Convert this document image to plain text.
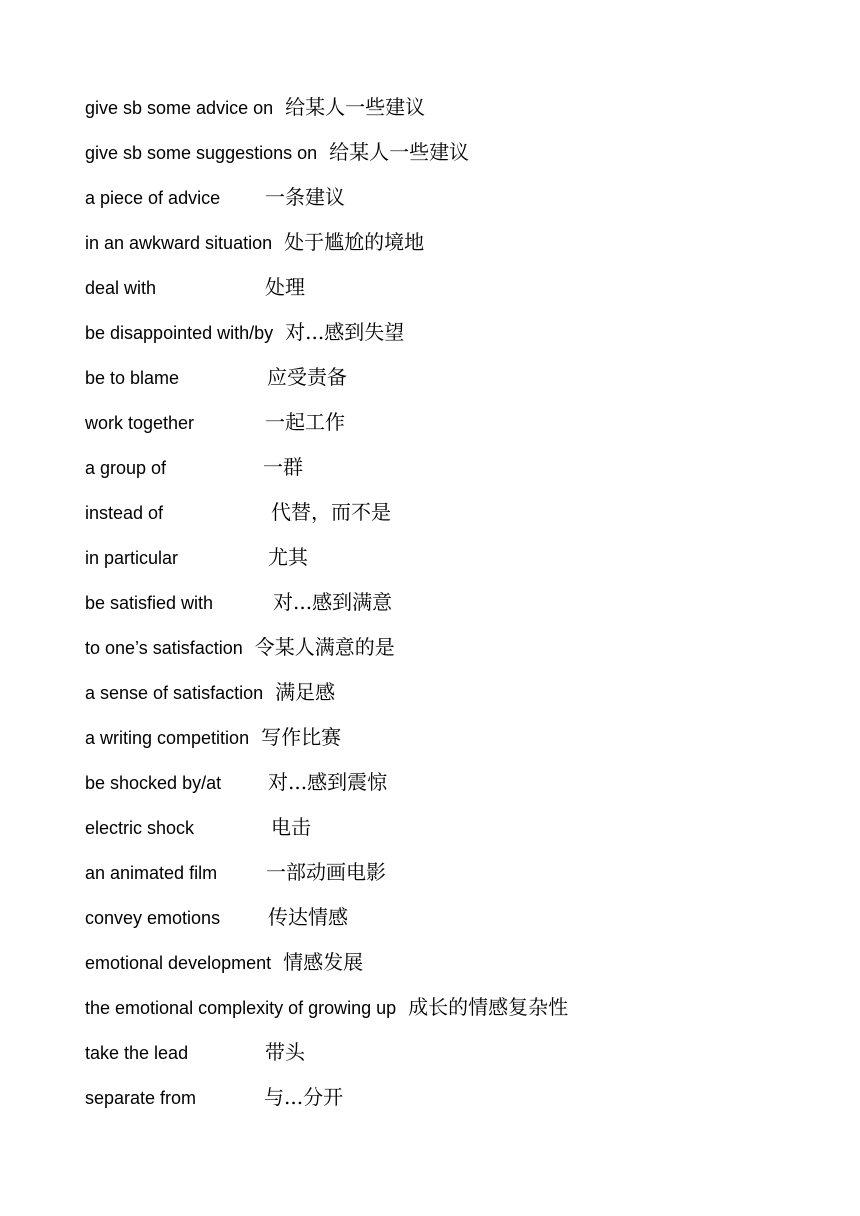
give sb some advice on 给某人一些建议
give sb some suggestions on 给某人一些建议
a piece of advice	一条建议
in an awkward situation 处于尴尬的境地
deal with	处理
be disappointed with/by 对...感到失望
be to blame	应受责备
work together	一起工作
a group of	一群
instead of	代替，而不是
in particular	尤其
be satisfied with	对...感到满意
to one’s satisfaction 令某人满意的是
a sense of satisfaction 满足感
a writing competition 写作比赛
be shocked by/at	对...感到震惊
electric shock	电击
an animated film	一部动画电影
convey emotions	传达情感
emotional development 情感发展
the emotional complexity of growing up 成长的情感复杂性
take the lead	带头
separate from	与...分开
